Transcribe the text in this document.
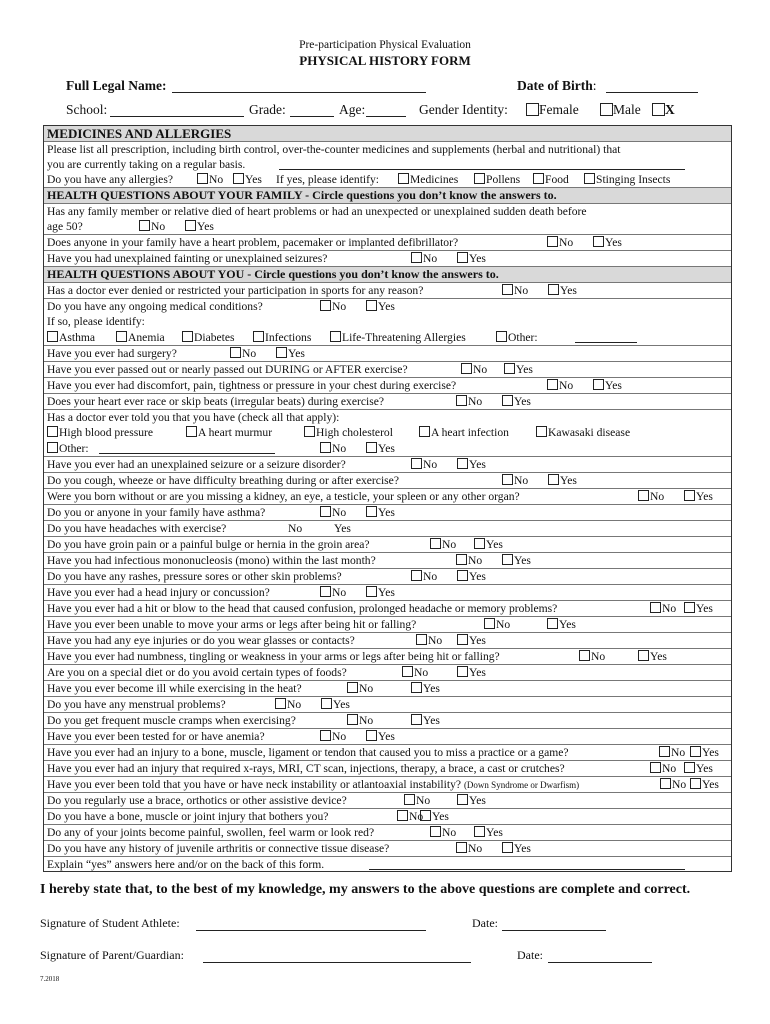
Pre-participation Physical Evaluation
PHYSICAL HISTORY FORM
Full Legal Name:	Date of Birth:
School:	Grade:	Age:	Gender Identity:	Female	Male	X
MEDICINES AND ALLERGIES
Please list all prescription, including birth control, over-the-counter medicines and supplements (herbal and nutritional) that
you are currently taking on a regular basis.
Do you have any allergies?	No	Yes If yes, please identify:	Medicines	Pollens	Food	Stinging Insects
HEALTH QUESTIONS ABOUT YOUR FAMILY - Circle questions you don’t know the answers to.
Has any family member or relative died of heart problems or had an unexpected or unexplained sudden death before
age 50?	No	Yes
Does anyone in your family have a heart problem, pacemaker or implanted defibrillator?	No	Yes
Have you had unexplained fainting or unexplained seizures?	No	Yes
HEALTH QUESTIONS ABOUT YOU - Circle questions you don’t know the answers to.
Has a doctor ever denied or restricted your participation in sports for any reason?	No	Yes
Do you have any ongoing medical conditions?	No	Yes
If so, please identify:
Asthma	Anemia	Diabetes	Infections	Life-Threatening Allergies	Other:
Have you ever had surgery?	No	Yes
Have you ever passed out or nearly passed out DURING or AFTER exercise?	No	Yes
Have you ever had discomfort, pain, tightness or pressure in your chest during exercise?	No	Yes
Does your heart ever race or skip beats (irregular beats) during exercise?	No	Yes
Has a doctor ever told you that you have (check all that apply):
High blood pressure	A heart murmur	High cholesterol	A heart infection	Kawasaki disease
Other:	No	Yes
Have you ever had an unexplained seizure or a seizure disorder?	No	Yes
Do you cough, wheeze or have difficulty breathing during or after exercise?	No	Yes
Were you born without or are you missing a kidney, an eye, a testicle, your spleen or any other organ?	No	Yes
Do you or anyone in your family have asthma?	No	Yes
Do you have headaches with exercise?	No	Yes
Do you have groin pain or a painful bulge or hernia in the groin area?	No	Yes
Have you had infectious mononucleosis (mono) within the last month?	No	Yes
Do you have any rashes, pressure sores or other skin problems?	No	Yes
Have you ever had a head injury or concussion?	No	Yes
Have you ever had a hit or blow to the head that caused confusion, prolonged headache or memory problems?	No	Yes
Have you ever been unable to move your arms or legs after being hit or falling?	No	Yes
Have you had any eye injuries or do you wear glasses or contacts?	No	Yes
Have you ever had numbness, tingling or weakness in your arms or legs after being hit or falling?	No	Yes
Are you on a special diet or do you avoid certain types of foods?	No	Yes
Have you ever become ill while exercising in the heat?	No	Yes
Do you have any menstrual problems?	No	Yes
Do you get frequent muscle cramps when exercising?	No	Yes
Have you ever been tested for or have anemia?	No	Yes
Have you ever had an injury to a bone, muscle, ligament or tendon that caused you to miss a practice or a game?	No	Yes
Have you ever had an injury that required x-rays, MRI, CT scan, injections, therapy, a brace, a cast or crutches?	No	Yes
Have you ever been told that you have or have neck instability or atlantoaxial instability? (Down Syndrome or Dwarfism)	No	Yes
Do you regularly use a brace, orthotics or other assistive device?	No	Yes
Do you have a bone, muscle or joint injury that bothers you?	No Yes
Do any of your joints become painful, swollen, feel warm or look red?	No	Yes
Do you have any history of juvenile arthritis or connective tissue disease?	No	Yes
Explain “yes” answers here and/or on the back of this form.
I hereby state that, to the best of my knowledge, my answers to the above questions are complete and correct.
Signature of Student Athlete:	Date:
Signature of Parent/Guardian:	Date:
7.2018
